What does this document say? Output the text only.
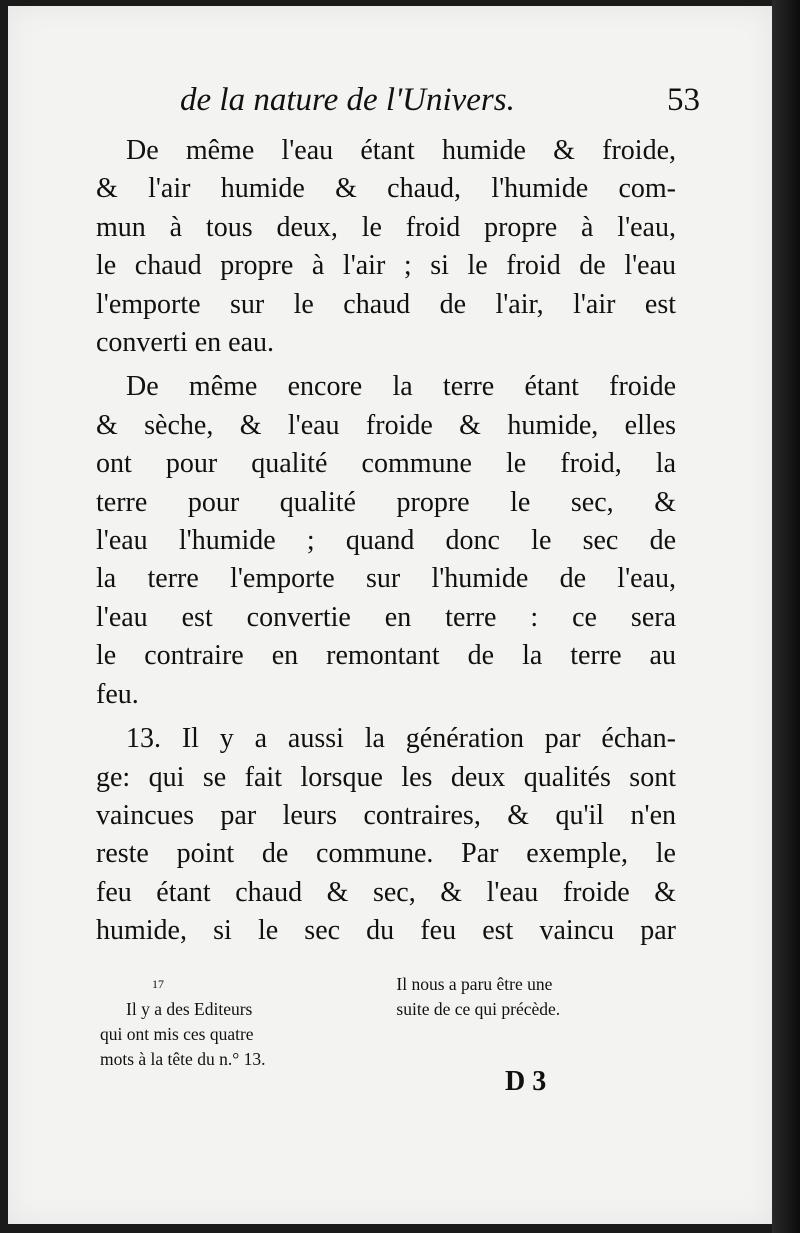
de la nature de l'Univers.	53

De même l'eau étant humide & froide,
& l'air humide & chaud, l'humide com-
mun à tous deux, le froid propre à l'eau,
le chaud propre à l'air ; si le froid de l'eau
l'emporte sur le chaud de l'air, l'air est
converti en eau.

De même encore la terre étant froide
& sèche, & l'eau froide & humide, elles
ont pour qualité commune le froid, la
terre pour qualité propre le sec, &
l'eau l'humide ; quand donc le sec de
la terre l'emporte sur l'humide de l'eau,
l'eau est convertie en terre : ce sera
le contraire en remontant de la terre au
feu.

13. Il y a aussi la génération par échan-
ge: qui se fait lorsque les deux qualités sont
vaincues par leurs contraires, & qu'il n'en
reste point de commune. Par exemple, le
feu étant chaud & sec, & l'eau froide &
humide, si le sec du feu est vaincu par

17
Il y a des Editeurs
qui ont mis ces quatre
mots à la tête du n.° 13.
Il nous a paru être une
suite de ce qui précède.
D 3
